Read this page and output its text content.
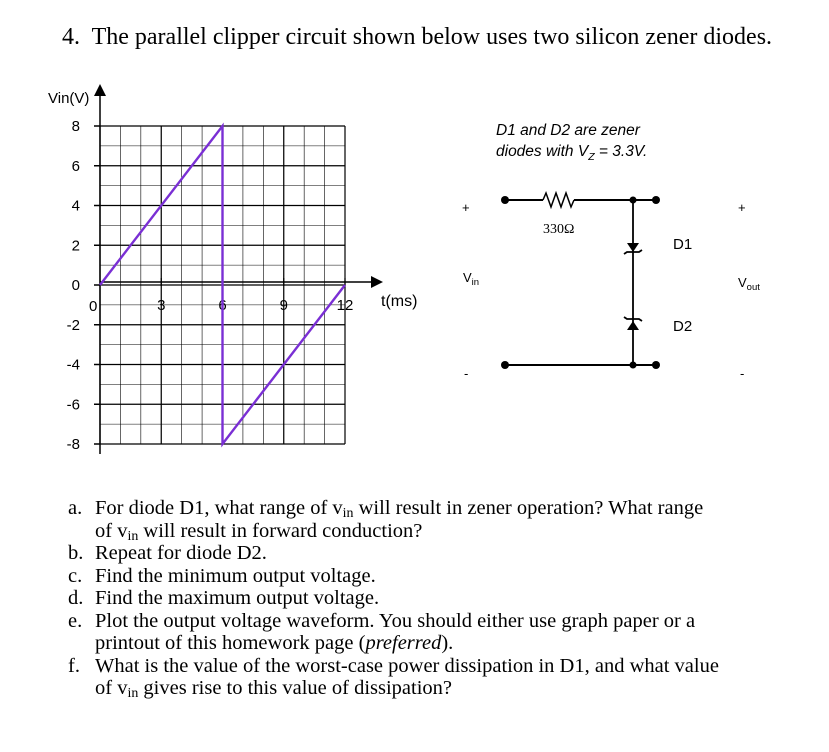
4. The parallel clipper circuit shown below uses two silicon zener diodes.
Vin(V)
t(ms)
0
8
6
4
2
0
-2
-4
-6
-8
3	6	9	12
D1 and D2 are zener
diodes with $V_Z = 3.3V$.
330Ω
D1
D2
+
-
+
-
$V_{in}$	$V_{out}$
a. For diode D1, what range of $v_{in}$ will result in zener operation? What range
of $v_{in}$ will result in forward conduction?
b. Repeat for diode D2.
c. Find the minimum output voltage.
d. Find the maximum output voltage.
e. Plot the output voltage waveform. You should either use graph paper or a
printout of this homework page (preferred).
f. What is the value of the worst-case power dissipation in D1, and what value
of $v_{in}$ gives rise to this value of dissipation?
